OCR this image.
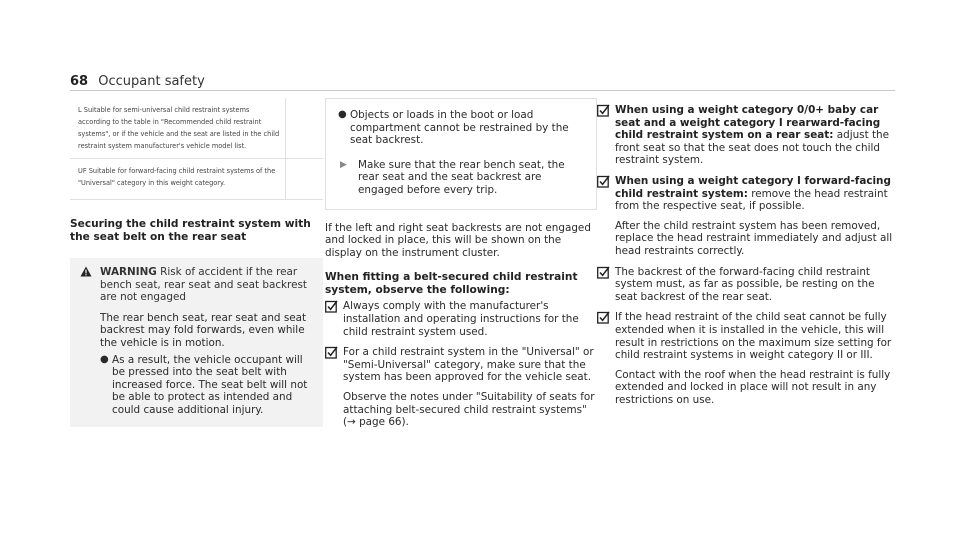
68 Occupant safety
L Suitable for semi-universal child restraint systems according to the table in "Recommended child restraint systems", or if the vehicle and the seat are listed in the child restraint system manufacturer's vehicle model list.	
UF Suitable for forward-facing child restraint systems of the "Universal" category in this weight category.	
Securing the child restraint system with the seat belt on the rear seat
WARNING Risk of accident if the rear bench seat, rear seat and seat backrest are not engaged

The rear bench seat, rear seat and seat backrest may fold forwards, even while the vehicle is in motion.

● As a result, the vehicle occupant will be pressed into the seat belt with increased force. The seat belt will not be able to protect as intended and could cause additional injury.
● Objects or loads in the boot or load compartment cannot be restrained by the seat backrest.
▶	Make sure that the rear bench seat, the rear seat and the seat backrest are engaged before every trip.

If the left and right seat backrests are not engaged and locked in place, this will be shown on the display on the instrument cluster.

When fitting a belt-secured child restraint system, observe the following:

Always comply with the manufacturer's installation and operating instructions for the child restraint system used.

For a child restraint system in the "Universal" or "Semi-Universal" category, make sure that the system has been approved for the vehicle seat.

Observe the notes under "Suitability of seats for attaching belt-secured child restraint systems" (→ page 66).

When using a weight category 0/0+ baby car seat and a weight category I rearward-facing child restraint system on a rear seat: adjust the front seat so that the seat does not touch the child restraint system.

When using a weight category I forward-facing child restraint system: remove the head restraint from the respective seat, if possible.

After the child restraint system has been removed, replace the head restraint immediately and adjust all head restraints correctly.

The backrest of the forward-facing child restraint system must, as far as possible, be resting on the seat backrest of the rear seat.

If the head restraint of the child seat cannot be fully extended when it is installed in the vehicle, this will result in restrictions on the maximum size setting for child restraint systems in weight category II or III.

Contact with the roof when the head restraint is fully extended and locked in place will not result in any restrictions on use.
